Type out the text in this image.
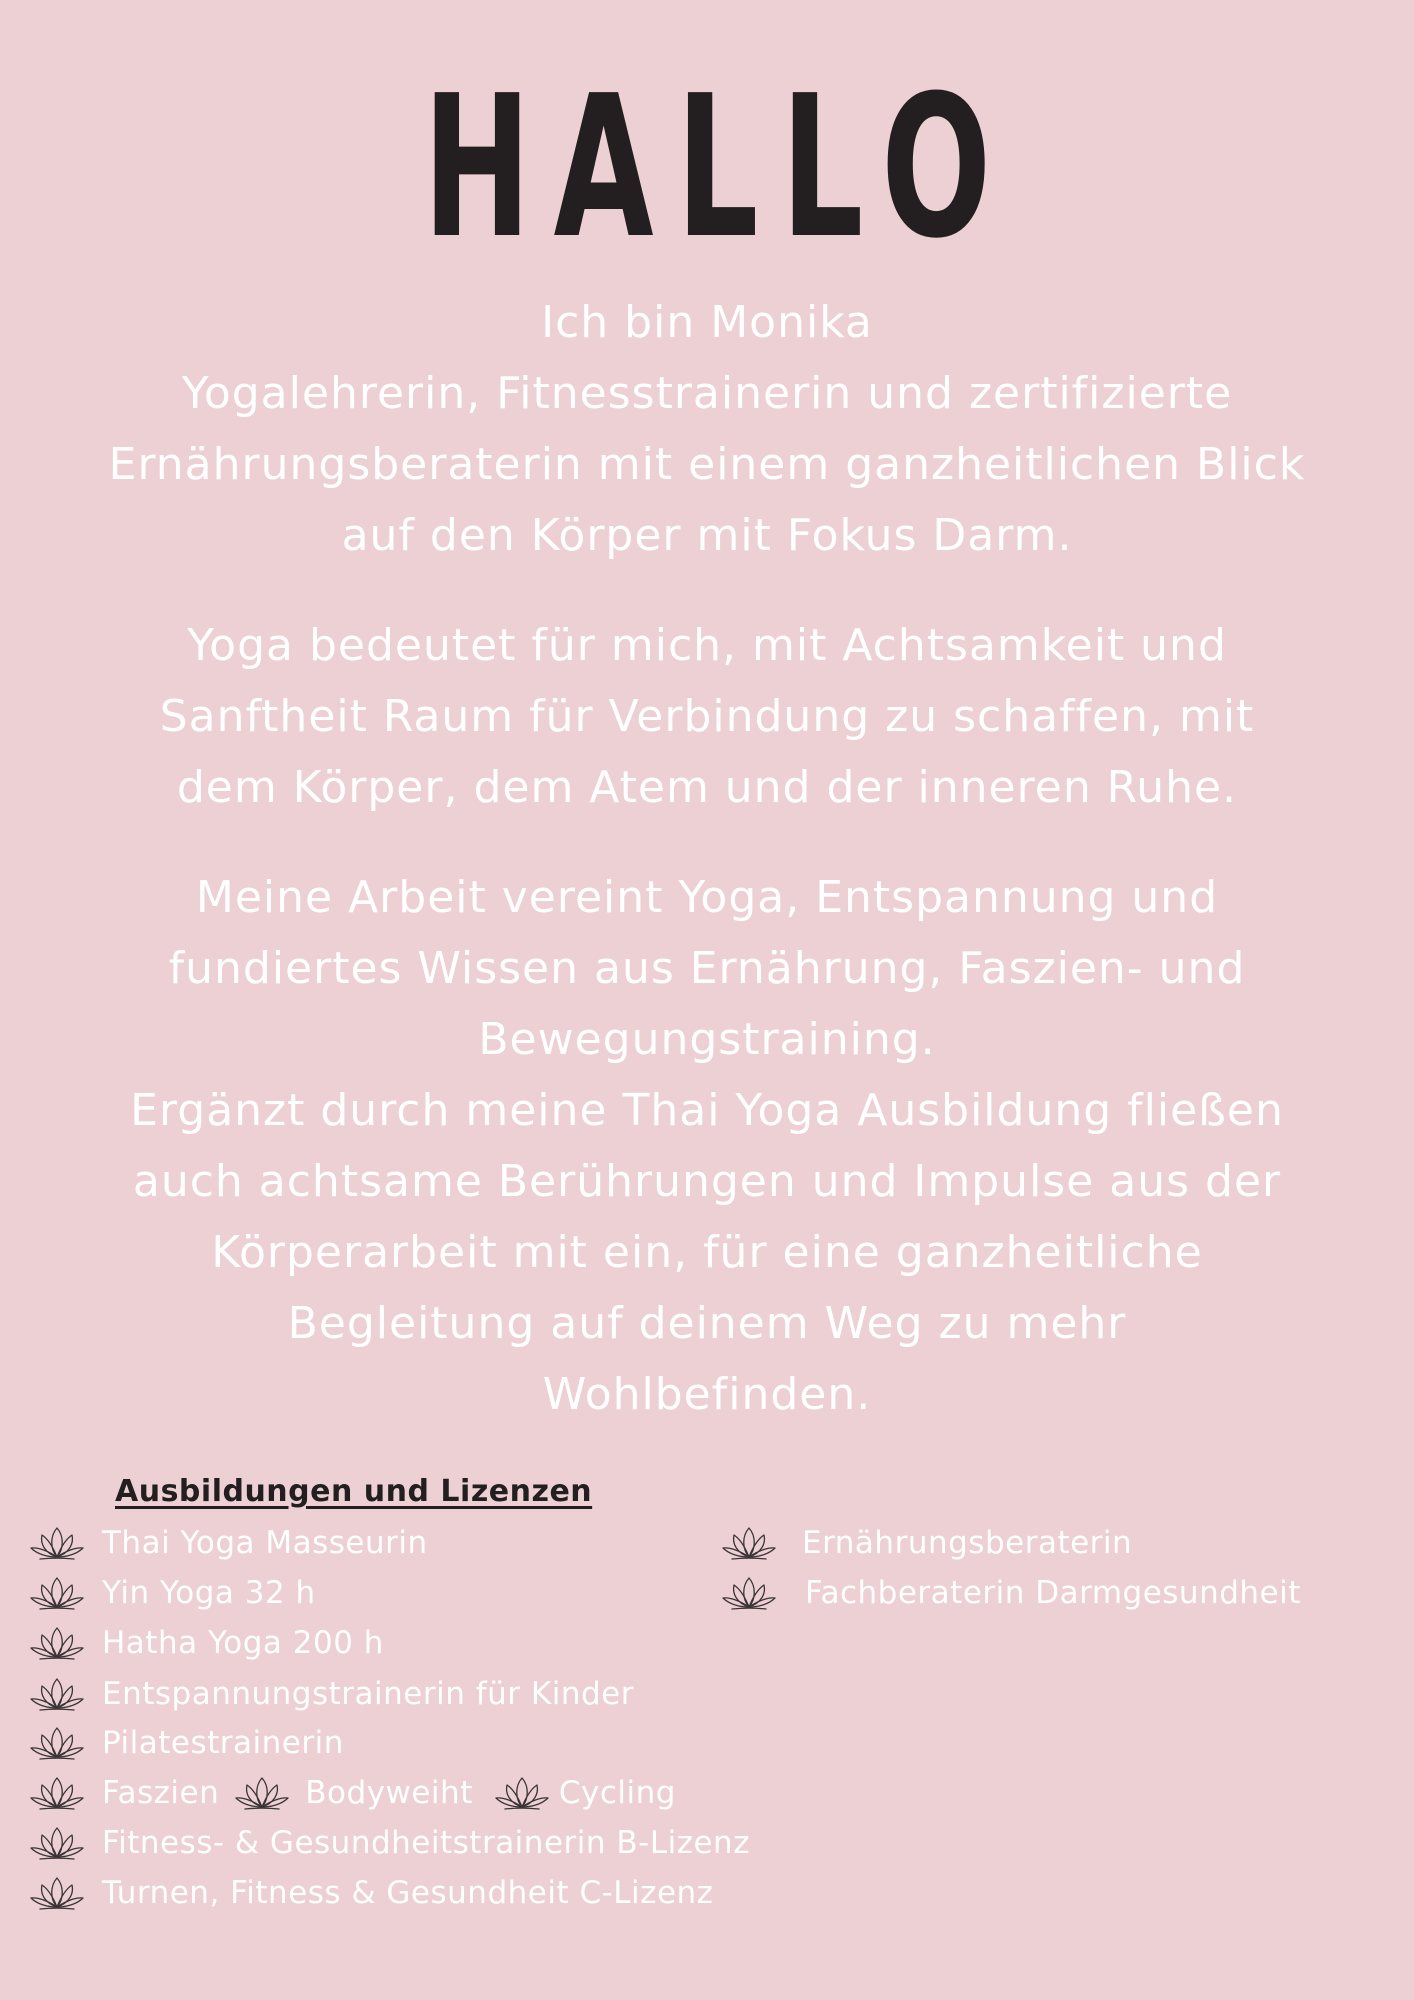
HALLO
Ich bin Monika
Yogalehrerin, Fitnesstrainerin und zertifizierte
Ernährungsberaterin mit einem ganzheitlichen Blick
auf den Körper mit Fokus Darm.
Yoga bedeutet für mich, mit Achtsamkeit und
Sanftheit Raum für Verbindung zu schaffen, mit
dem Körper, dem Atem und der inneren Ruhe.
Meine Arbeit vereint Yoga, Entspannung und
fundiertes Wissen aus Ernährung, Faszien- und
Bewegungstraining.
Ergänzt durch meine Thai Yoga Ausbildung fließen
auch achtsame Berührungen und Impulse aus der
Körperarbeit mit ein, für eine ganzheitliche
Begleitung auf deinem Weg zu mehr
Wohlbefinden.
Ausbildungen und Lizenzen
Thai Yoga Masseurin
Yin Yoga 32 h
Hatha Yoga 200 h
Entspannungstrainerin für Kinder
Pilatestrainerin
Faszien	Bodyweiht	Cycling
Fitness- & Gesundheitstrainerin B-Lizenz
Turnen, Fitness & Gesundheit C-Lizenz
Ernährungsberaterin
Fachberaterin Darmgesundheit
